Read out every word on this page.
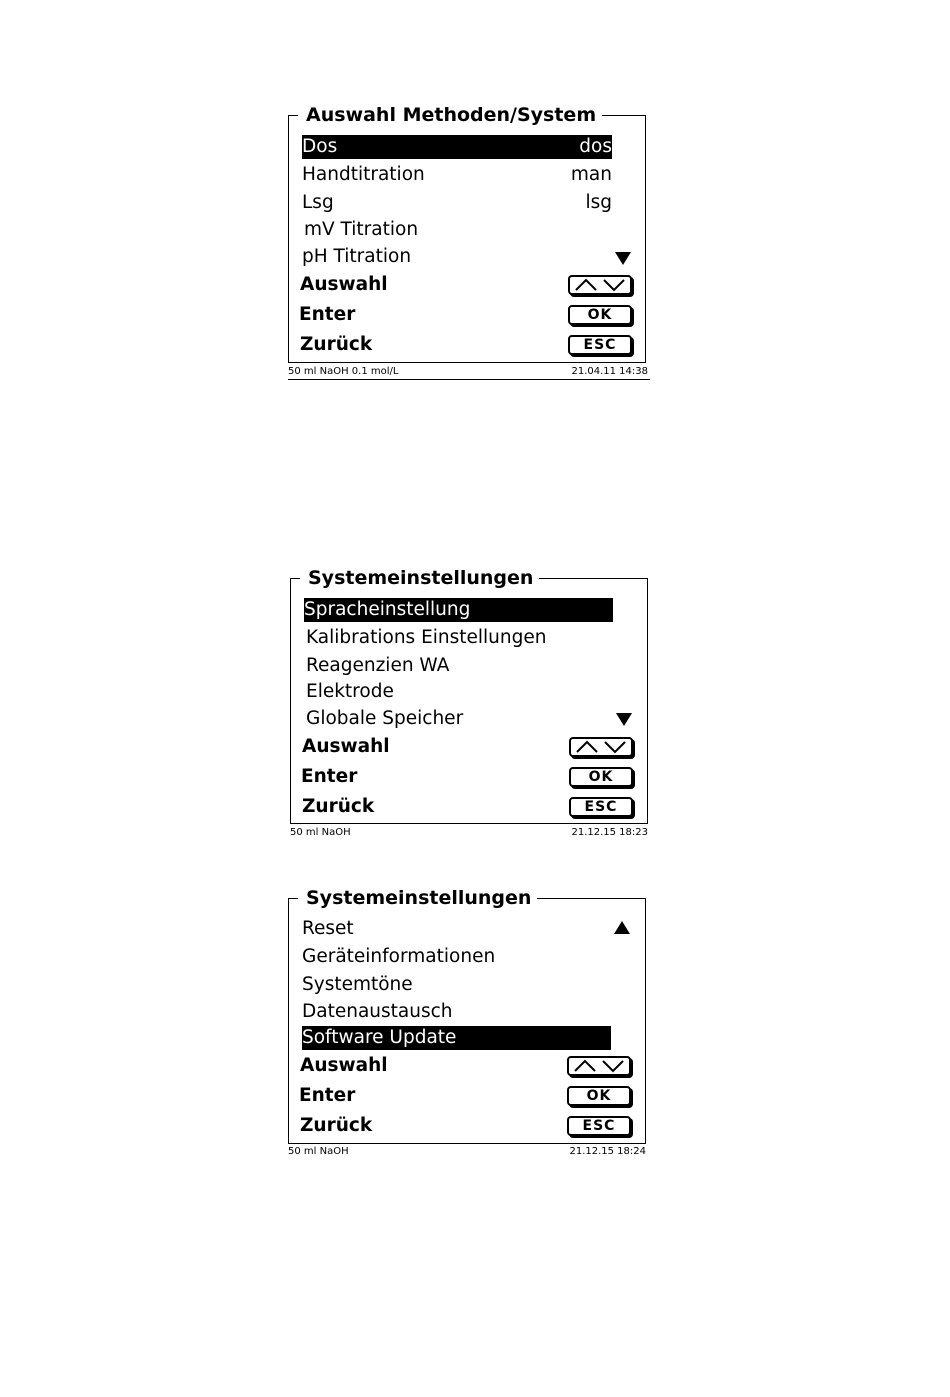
Auswahl Methoden/System
Dos	dos
Handtitration	man
Lsg	lsg
mV Titration
pH Titration
Auswahl
Enter	OK
Zurück	ESC
50 ml NaOH 0.1 mol/L	21.04.11 14:38
Systemeinstellungen
Spracheinstellung
Kalibrations Einstellungen
Reagenzien WA
Elektrode
Globale Speicher
Auswahl
Enter	OK
Zurück	ESC
50 ml NaOH	21.12.15 18:23
Systemeinstellungen
Reset
Geräteinformationen
Systemtöne
Datenaustausch
Software Update
Auswahl
Enter	OK
Zurück	ESC
50 ml NaOH	21.12.15 18:24
